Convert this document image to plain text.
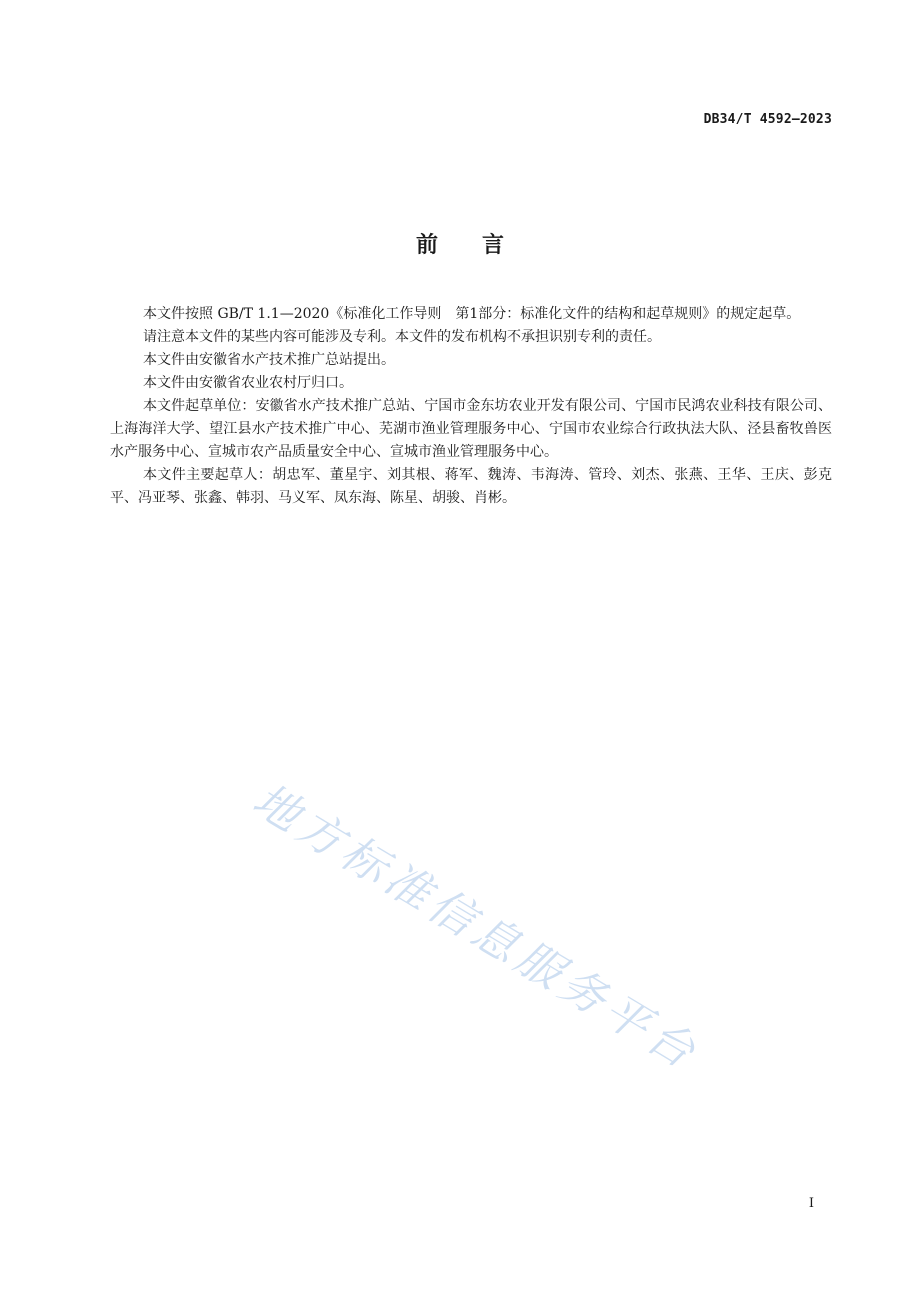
DB34/T 4592—2023
前言

本文件按照 GB/T 1.1—2020《标准化工作导则　第1部分：标准化文件的结构和起草规则》的规定起草。

请注意本文件的某些内容可能涉及专利。本文件的发布机构不承担识别专利的责任。

本文件由安徽省水产技术推广总站提出。

本文件由安徽省农业农村厅归口。

本文件起草单位：安徽省水产技术推广总站、宁国市金东坊农业开发有限公司、宁国市民鸿农业科技有限公司、上海海洋大学、望江县水产技术推广中心、芜湖市渔业管理服务中心、宁国市农业综合行政执法大队、泾县畜牧兽医水产服务中心、宣城市农产品质量安全中心、宣城市渔业管理服务中心。

本文件主要起草人：胡忠军、董星宇、刘其根、蒋军、魏涛、韦海涛、管玲、刘杰、张燕、王华、王庆、彭克平、冯亚琴、张鑫、韩羽、马义军、凤东海、陈星、胡骏、肖彬。

地方标准信息服务平台
I
